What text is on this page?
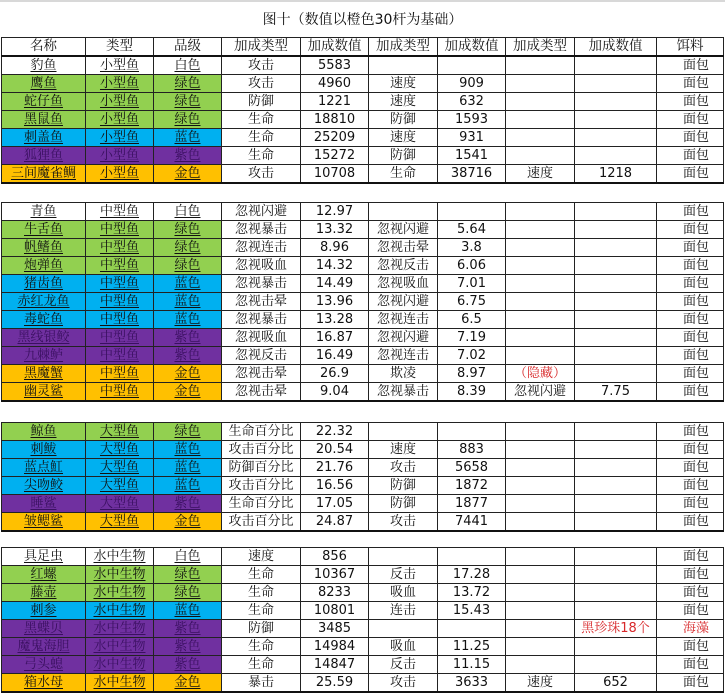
图十（数值以橙色30杆为基础）
名称	类型	品级	加成类型	加成数值	加成类型	加成数值	加成类型	加成数值	饵料
豹鱼	小型鱼	白色	攻击	5583					面包
鹰鱼	小型鱼	绿色	攻击	4960	速度	909			面包
蛇仔鱼	小型鱼	绿色	防御	1221	速度	632			面包
黑鼠鱼	小型鱼	绿色	生命	18810	防御	1593			面包
刺盖鱼	小型鱼	蓝色	生命	25209	速度	931			面包
狐狸鱼	小型鱼	紫色	生命	15272	防御	1541			面包
三间魔雀鲷	小型鱼	金色	攻击	10708	生命	38716	速度	1218	面包
青鱼	中型鱼	白色	忽视闪避	12.97					面包
牛舌鱼	中型鱼	绿色	忽视暴击	13.32	忽视闪避	5.64			面包
帆鳍鱼	中型鱼	绿色	忽视连击	8.96	忽视击晕	3.8			面包
炮弹鱼	中型鱼	绿色	忽视吸血	14.32	忽视反击	6.06			面包
猪齿鱼	中型鱼	蓝色	忽视暴击	14.49	忽视吸血	7.01			面包
赤红龙鱼	中型鱼	蓝色	忽视击晕	13.96	忽视闪避	6.75			面包
毒蛇鱼	中型鱼	蓝色	忽视暴击	13.28	忽视连击	6.5			面包
黑线银鲛	中型鱼	紫色	忽视吸血	16.87	忽视闪避	7.19			面包
九棘鲈	中型鱼	紫色	忽视反击	16.49	忽视连击	7.02			面包
黑魔蟹	中型鱼	金色	忽视击晕	26.9	欺凌	8.97	（隐藏）		面包
幽灵鲨	中型鱼	金色	忽视击晕	9.04	忽视暴击	8.39	忽视闪避	7.75	面包
鲸鱼	大型鱼	绿色	生命百分比	22.32					面包
刺鲅	大型鱼	蓝色	攻击百分比	20.54	速度	883			面包
蓝点魟	大型鱼	蓝色	防御百分比	21.76	攻击	5658			面包
尖吻鲛	大型鱼	蓝色	攻击百分比	16.56	防御	1872			面包
睡鲨	大型鱼	紫色	生命百分比	17.05	防御	1877			面包
皱鳃鲨	大型鱼	金色	攻击百分比	24.87	攻击	7441			面包
具足虫	水中生物	白色	速度	856					面包
红螺	水中生物	绿色	生命	10367	反击	17.28			面包
藤壶	水中生物	绿色	生命	8233	吸血	13.72			面包
刺参	水中生物	蓝色	生命	10801	连击	15.43			面包
黑蝶贝	水中生物	紫色	防御	3485				黑珍珠18个	海藻
魔鬼海胆	水中生物	紫色	生命	14984	吸血	11.25			面包
弓头螅	水中生物	紫色	生命	14847	反击	11.15			面包
箱水母	水中生物	金色	暴击	25.59	攻击	3633	速度	652	面包
